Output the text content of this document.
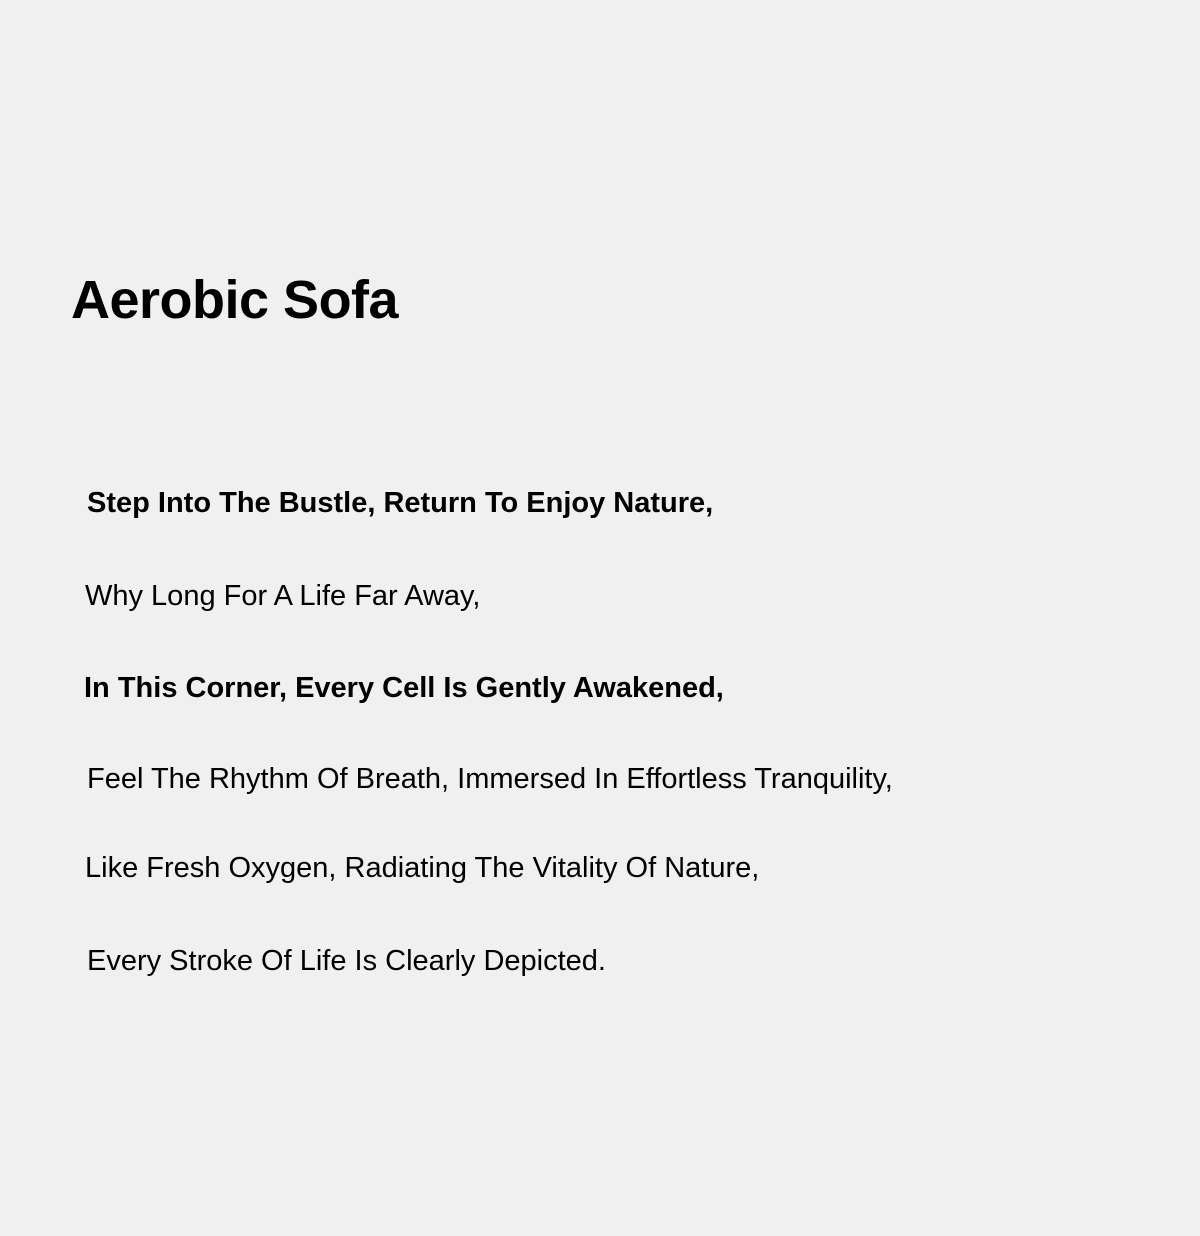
Aerobic Sofa

Step Into The Bustle, Return To Enjoy Nature,

Why Long For A Life Far Away,

In This Corner, Every Cell Is Gently Awakened,

Feel The Rhythm Of Breath, Immersed In Effortless Tranquility,

Like Fresh Oxygen, Radiating The Vitality Of Nature,

Every Stroke Of Life Is Clearly Depicted.
